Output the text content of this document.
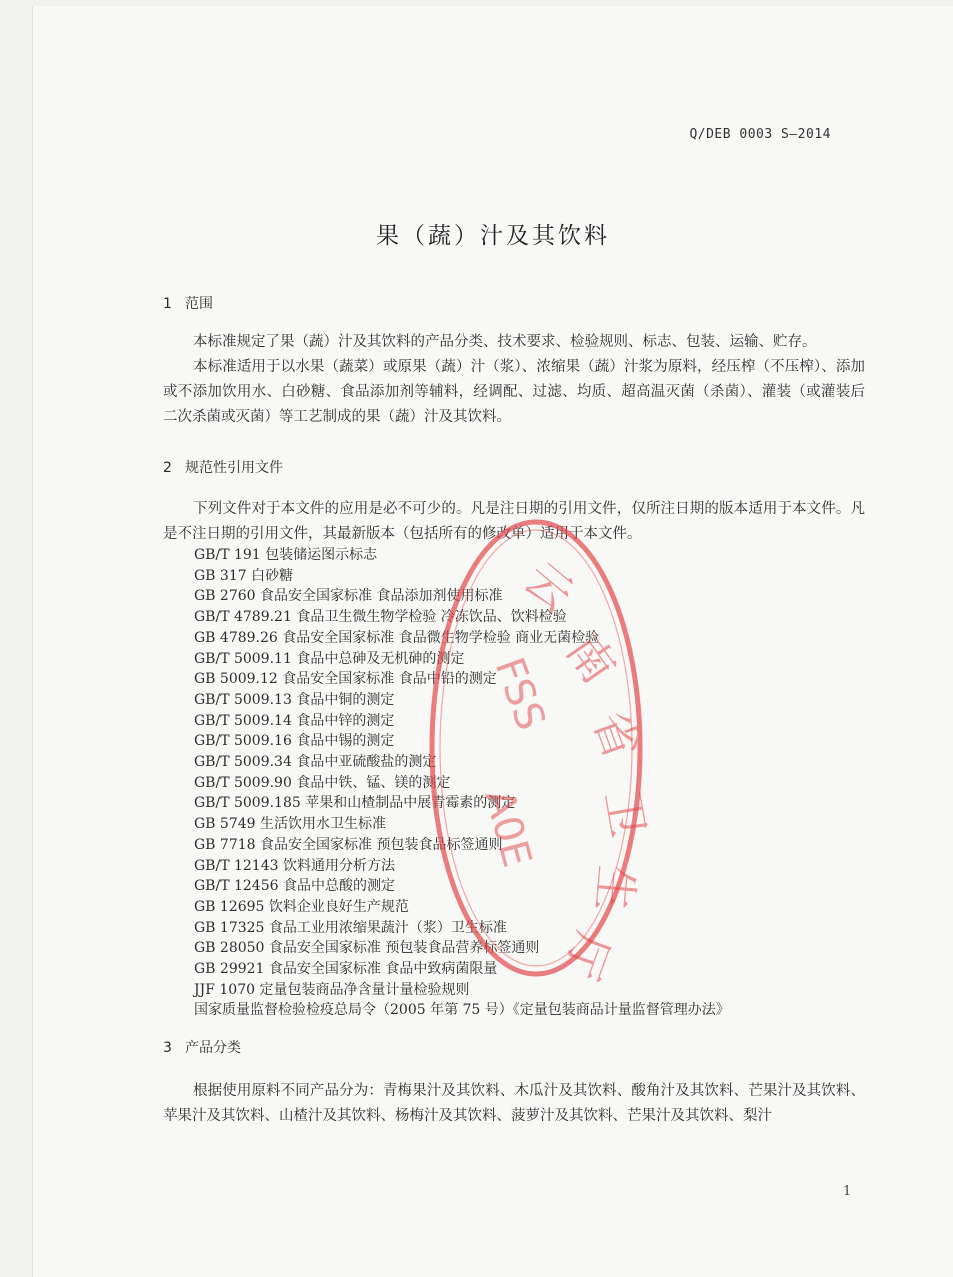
Q/DEB 0003 S—2014
果（蔬）汁及其饮料
1 范围
本标准规定了果（蔬）汁及其饮料的产品分类、技术要求、检验规则、标志、包装、运输、贮存。
本标准适用于以水果（蔬菜）或原果（蔬）汁（浆）、浓缩果（蔬）汁浆为原料，经压榨（不压榨）、添加或不添加饮用水、白砂糖、食品添加剂等辅料，经调配、过滤、均质、超高温灭菌（杀菌）、灌装（或灌装后二次杀菌或灭菌）等工艺制成的果（蔬）汁及其饮料。
2 规范性引用文件
下列文件对于本文件的应用是必不可少的。凡是注日期的引用文件，仅所注日期的版本适用于本文件。凡是不注日期的引用文件，其最新版本（包括所有的修改单）适用于本文件。
GB/T 191 包装储运图示标志
GB 317 白砂糖
GB 2760 食品安全国家标准 食品添加剂使用标准
GB/T 4789.21 食品卫生微生物学检验 冷冻饮品、饮料检验
GB 4789.26 食品安全国家标准 食品微生物学检验 商业无菌检验
GB/T 5009.11 食品中总砷及无机砷的测定
GB 5009.12 食品安全国家标准 食品中铅的测定
GB/T 5009.13 食品中铜的测定
GB/T 5009.14 食品中锌的测定
GB/T 5009.16 食品中锡的测定
GB/T 5009.34 食品中亚硫酸盐的测定
GB/T 5009.90 食品中铁、锰、镁的测定
GB/T 5009.185 苹果和山楂制品中展青霉素的测定
GB 5749 生活饮用水卫生标准
GB 7718 食品安全国家标准 预包装食品标签通则
GB/T 12143 饮料通用分析方法
GB/T 12456 食品中总酸的测定
GB 12695 饮料企业良好生产规范
GB 17325 食品工业用浓缩果蔬汁（浆）卫生标准
GB 28050 食品安全国家标准 预包装食品营养标签通则
GB 29921 食品安全国家标准 食品中致病菌限量
JJF 1070 定量包装商品净含量计量检验规则
国家质量监督检验检疫总局令（2005 年第 75 号）《定量包装商品计量监督管理办法》
3 产品分类
根据使用原料不同产品分为：青梅果汁及其饮料、木瓜汁及其饮料、酸角汁及其饮料、芒果汁及其饮料、苹果汁及其饮料、山楂汁及其饮料、杨梅汁及其饮料、菠萝汁及其饮料、芒果汁及其饮料、梨汁
1
云
南
省
卫
生
厅
FSS
A0E
